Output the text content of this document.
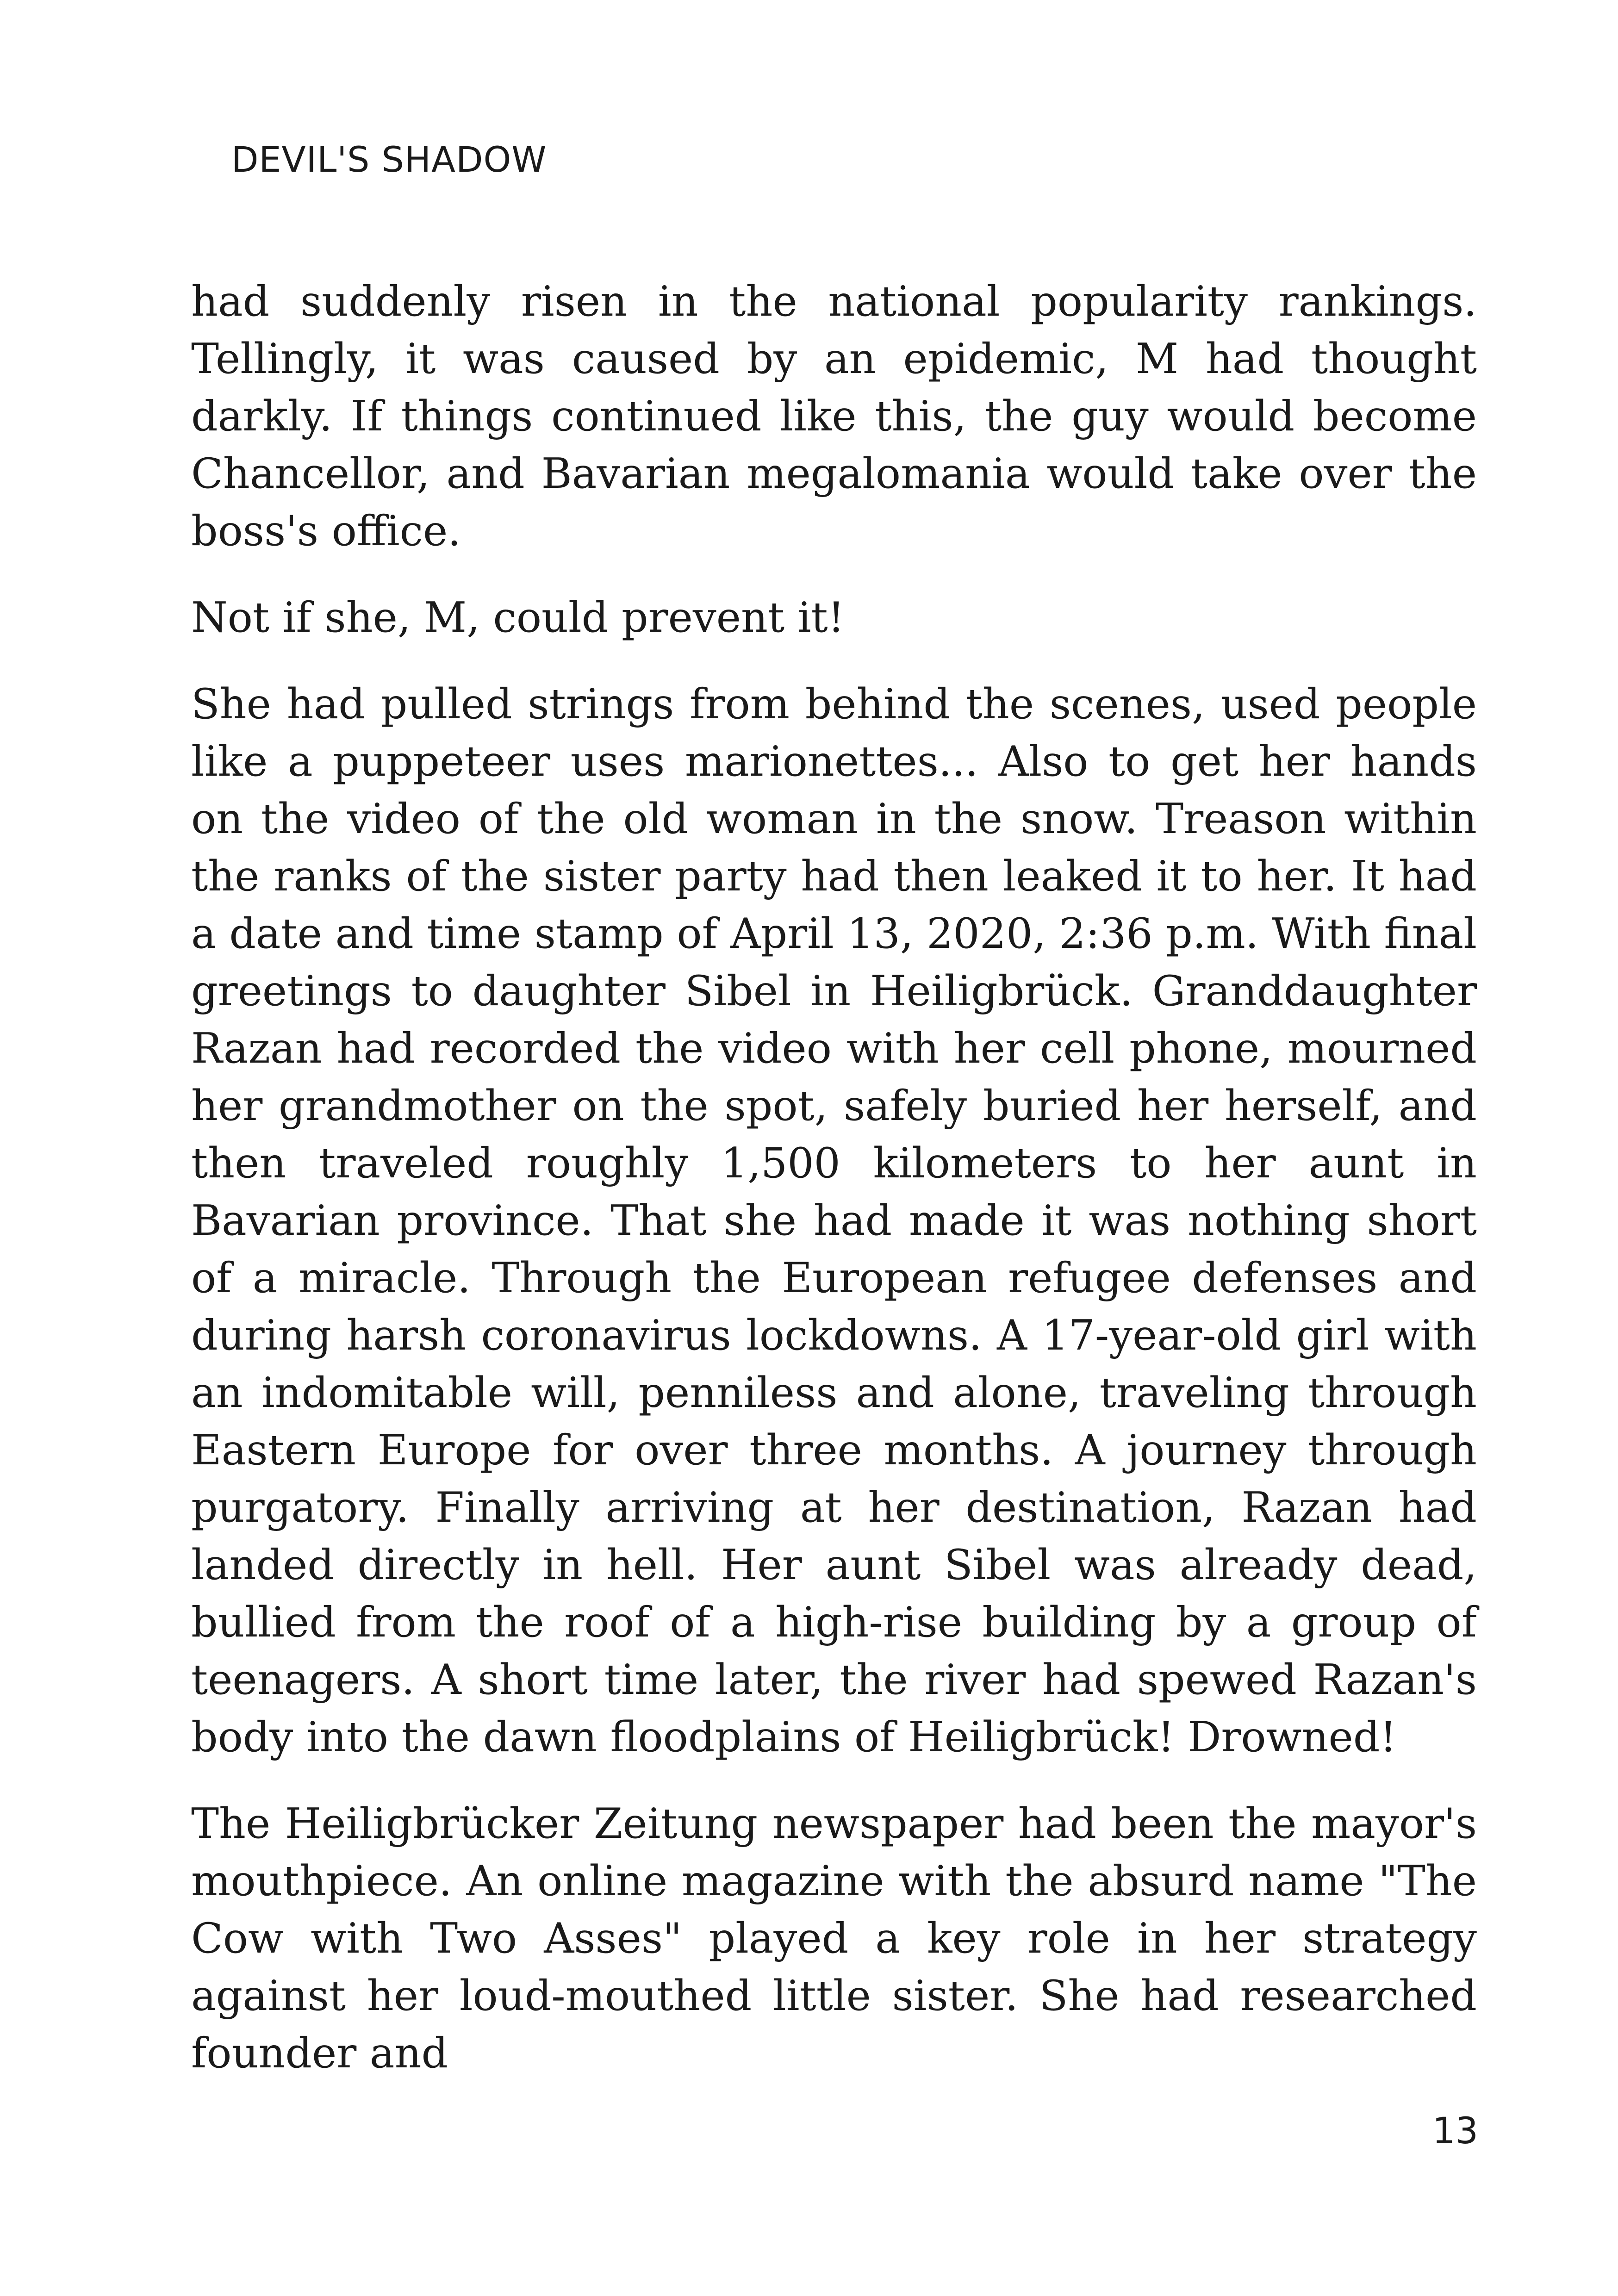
DEVIL'S SHADOW

had suddenly risen in the national popularity rankings. Tellingly, it was caused by an epidemic, M had thought darkly. If things continued like this, the guy would become Chancellor, and Bavarian megalomania would take over the boss's office.

Not if she, M, could prevent it!

She had pulled strings from behind the scenes, used people like a puppeteer uses marionettes... Also to get her hands on the video of the old woman in the snow. Treason within the ranks of the sister party had then leaked it to her. It had a date and time stamp of April 13, 2020, 2:36 p.m. With final greetings to daughter Sibel in Heiligbrück. Granddaughter Razan had recorded the video with her cell phone, mourned her grandmother on the spot, safely buried her herself, and then traveled roughly 1,500 kilometers to her aunt in Bavarian province. That she had made it was nothing short of a miracle. Through the European refugee defenses and during harsh coronavirus lockdowns. A 17-year-old girl with an indomitable will, penniless and alone, traveling through Eastern Europe for over three months. A journey through purgatory. Finally arriving at her destination, Razan had landed directly in hell. Her aunt Sibel was already dead, bullied from the roof of a high-rise building by a group of teenagers. A short time later, the river had spewed Razan's body into the dawn floodplains of Heiligbrück! Drowned!

The Heiligbrücker Zeitung newspaper had been the mayor's mouthpiece. An online magazine with the absurd name "The Cow with Two Asses" played a key role in her strategy against her loud-mouthed little sister. She had researched founder and

13
